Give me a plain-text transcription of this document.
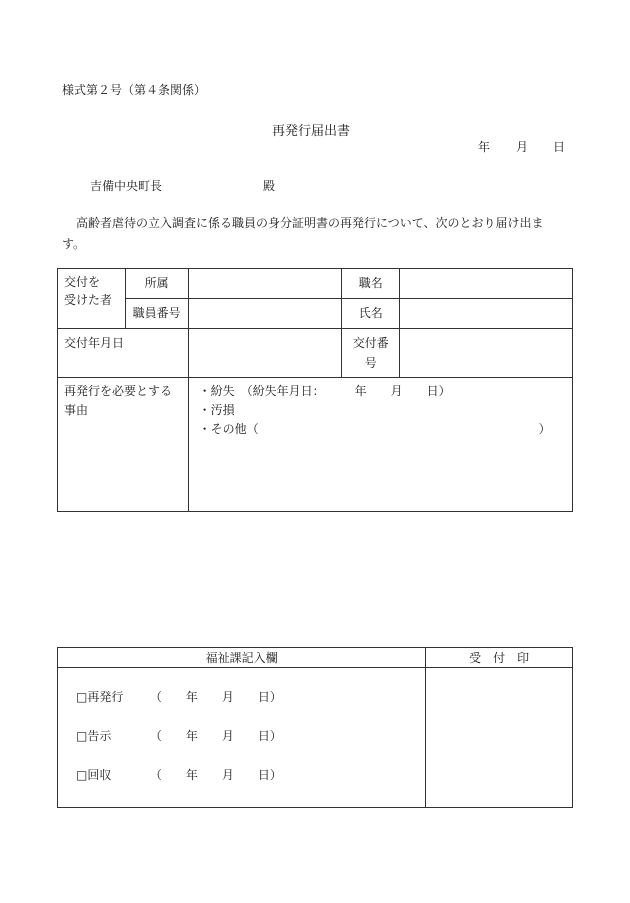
様式第２号（第４条関係）
再発行届出書
年 月 日
吉備中央町長	殿
高齢者虐待の立入調査に係る職員の身分証明書の再発行について、次のとおり届け出ま
す。
交付を
受けた者	所属		職名	

	職員番号		氏名	

交付年月日			交付番号	

再発行を必要とする
事由		・紛失　（紛失年月日：　　　年　　月　　日）
・汚損
・その他（ ）		
福祉課記入欄	受　付　印

□再発行 （　　年　　月　　日）
□告示	（　　年　　月　　日）
□回収	（　　年　　月　　日）
